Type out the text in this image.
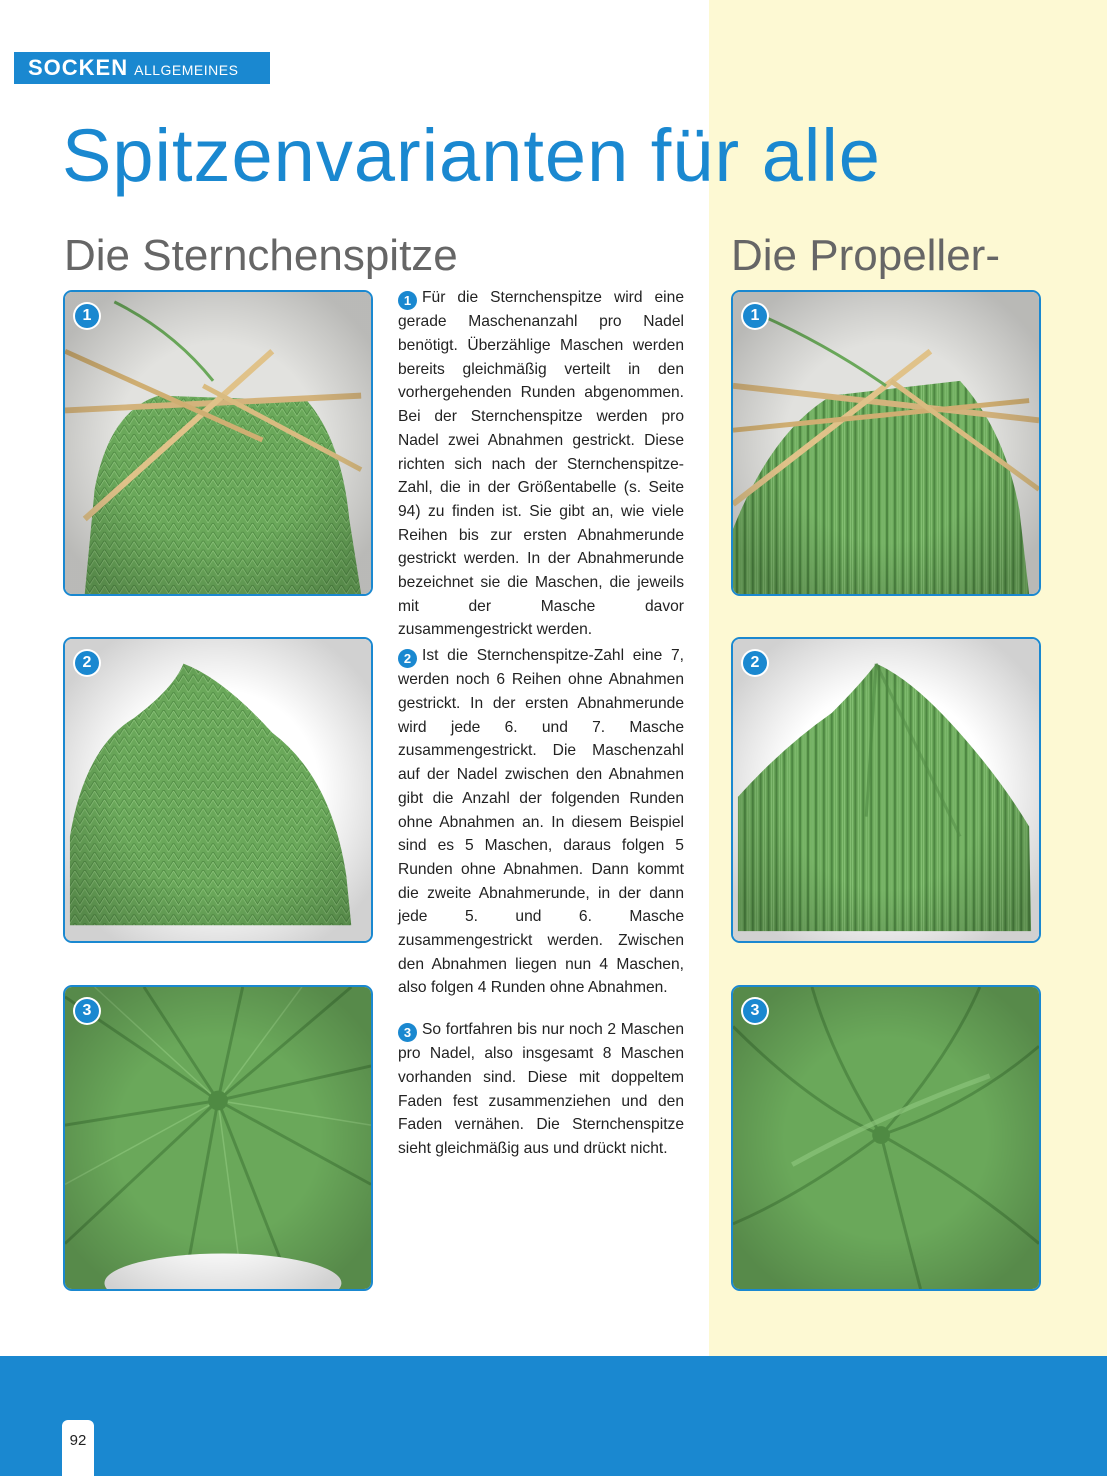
SOCKEN ALLGEMEINES
Spitzenvarianten für alle
Die Sternchenspitze	Die Propeller-
1
2
3
1
2
3

1 Für die Sternchenspitze wird eine gerade Maschenanzahl pro Nadel benötigt. Überzählige Maschen werden bereits gleichmäßig verteilt in den vorhergehenden Runden abgenommen. Bei der Sternchenspitze werden pro Nadel zwei Abnahmen gestrickt. Diese richten sich nach der Sternchenspitze-Zahl, die in der Größentabelle (s. Seite 94) zu finden ist. Sie gibt an, wie viele Reihen bis zur ersten Abnahmerunde gestrickt werden. In der Abnahmerunde bezeichnet sie die Maschen, die jeweils mit der Masche davor zusammengestrickt werden.

2 Ist die Sternchenspitze-Zahl eine 7, werden noch 6 Reihen ohne Abnahmen gestrickt. In der ersten Abnahmerunde wird jede 6. und 7. Masche zusammengestrickt. Die Maschenzahl auf der Nadel zwischen den Abnahmen gibt die Anzahl der folgenden Runden ohne Abnahmen an. In diesem Beispiel sind es 5 Maschen, daraus folgen 5 Runden ohne Abnahmen. Dann kommt die zweite Abnahmerunde, in der dann jede 5. und 6. Masche zusammengestrickt werden. Zwischen den Abnahmen liegen nun 4 Maschen, also folgen 4 Runden ohne Abnahmen.

3 So fortfahren bis nur noch 2 Maschen pro Nadel, also insgesamt 8 Maschen vorhanden sind. Diese mit doppeltem Faden fest zusammenziehen und den Faden vernähen. Die Sternchenspitze sieht gleichmäßig aus und drückt nicht.

92
